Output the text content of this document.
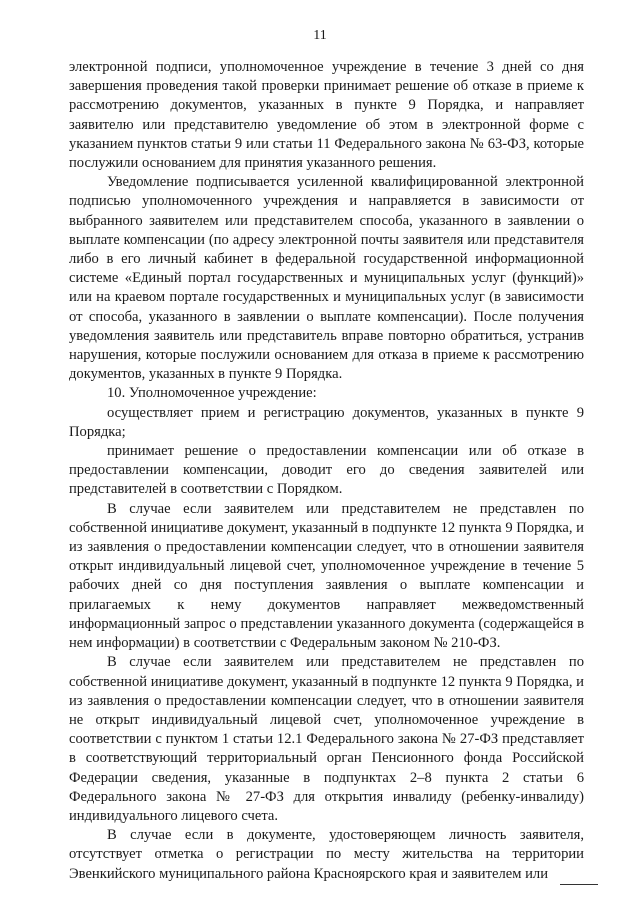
11

электронной подписи, уполномоченное учреждение в течение 3 дней со дня завершения проведения такой проверки принимает решение об отказе в приеме к рассмотрению документов, указанных в пункте 9 Порядка, и направляет заявителю или представителю уведомление об этом в электронной форме с указанием пунктов статьи 9 или статьи 11 Федерального закона № 63-ФЗ, которые послужили основанием для принятия указанного решения.

Уведомление подписывается усиленной квалифицированной электронной подписью уполномоченного учреждения и направляется в зависимости от выбранного заявителем или представителем способа, указанного в заявлении о выплате компенсации (по адресу электронной почты заявителя или представителя либо в его личный кабинет в федеральной государственной информационной системе «Единый портал государственных и муниципальных услуг (функций)» или на краевом портале государственных и муниципальных услуг (в зависимости от способа, указанного в заявлении о выплате компенсации). После получения уведомления заявитель или представитель вправе повторно обратиться, устранив нарушения, которые послужили основанием для отказа в приеме к рассмотрению документов, указанных в пункте 9 Порядка.

10. Уполномоченное учреждение:

осуществляет прием и регистрацию документов, указанных в пункте 9 Порядка;

принимает решение о предоставлении компенсации или об отказе в предоставлении компенсации, доводит его до сведения заявителей или представителей в соответствии с Порядком.

В случае если заявителем или представителем не представлен по собственной инициативе документ, указанный в подпункте 12 пункта 9 Порядка, и из заявления о предоставлении компенсации следует, что в отношении заявителя открыт индивидуальный лицевой счет, уполномоченное учреждение в течение 5 рабочих дней со дня поступления заявления о выплате компенсации и прилагаемых к нему документов направляет межведомственный информационный запрос о представлении указанного документа (содержащейся в нем информации) в соответствии с Федеральным законом № 210-ФЗ.

В случае если заявителем или представителем не представлен по собственной инициативе документ, указанный в подпункте 12 пункта 9 Порядка, и из заявления о предоставлении компенсации следует, что в отношении заявителя не открыт индивидуальный лицевой счет, уполномоченное учреждение в соответствии с пунктом 1 статьи 12.1 Федерального закона № 27-ФЗ представляет в соответствующий территориальный орган Пенсионного фонда Российской Федерации сведения, указанные в подпунктах 2–8 пункта 2 статьи 6 Федерального закона № 27-ФЗ для открытия инвалиду (ребенку-инвалиду) индивидуального лицевого счета.

В случае если в документе, удостоверяющем личность заявителя, отсутствует отметка о регистрации по месту жительства на территории Эвенкийского муниципального района Красноярского края и заявителем или
